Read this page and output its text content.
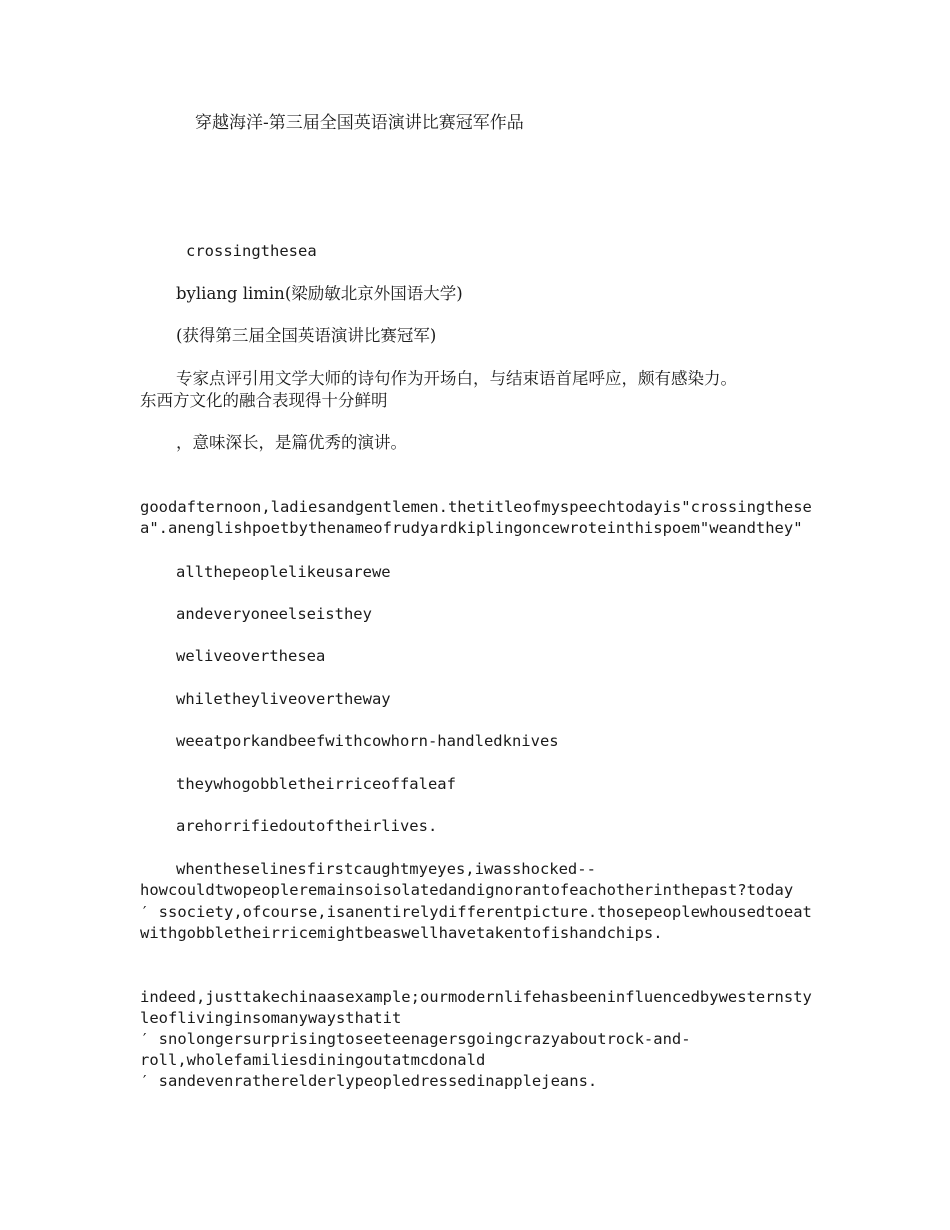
穿越海洋-第三届全国英语演讲比赛冠军作品
crossingthesea
byliang limin(梁励敏北京外国语大学)
(获得第三届全国英语演讲比赛冠军)
专家点评引用文学大师的诗句作为开场白，与结束语首尾呼应，颇有感染力。
东西方文化的融合表现得十分鲜明
，意味深长，是篇优秀的演讲。
goodafternoon,ladiesandgentlemen.thetitleofmyspeechtodayis"crossingthese
a".anenglishpoetbythenameofrudyardkiplingoncewroteinthispoem"weandthey"
allthepeoplelikeusarewe
andeveryoneelseisthey
weliveoverthesea
whiletheyliveovertheway
weeatporkandbeefwithcowhorn-handledknives
theywhogobbletheirriceoffaleaf
arehorrifiedoutoftheirlives.
whentheselinesfirstcaughtmyeyes,iwasshocked--
howcouldtwopeopleremainsoisolatedandignorantofeachotherinthepast?today
′ ssociety,ofcourse,isanentirelydifferentpicture.thosepeoplewhousedtoeat
withgobbletheirricemightbeaswellhavetakentofishandchips.
indeed,justtakechinaasexample;ourmodernlifehasbeeninfluencedbywesternsty
leoflivinginsomanywaysthatit
′ snolongersurprisingtoseeteenagersgoingcrazyaboutrock-and-
roll,wholefamiliesdiningoutatmcdonald
′ sandevenratherelderlypeopledressedinapplejeans.
